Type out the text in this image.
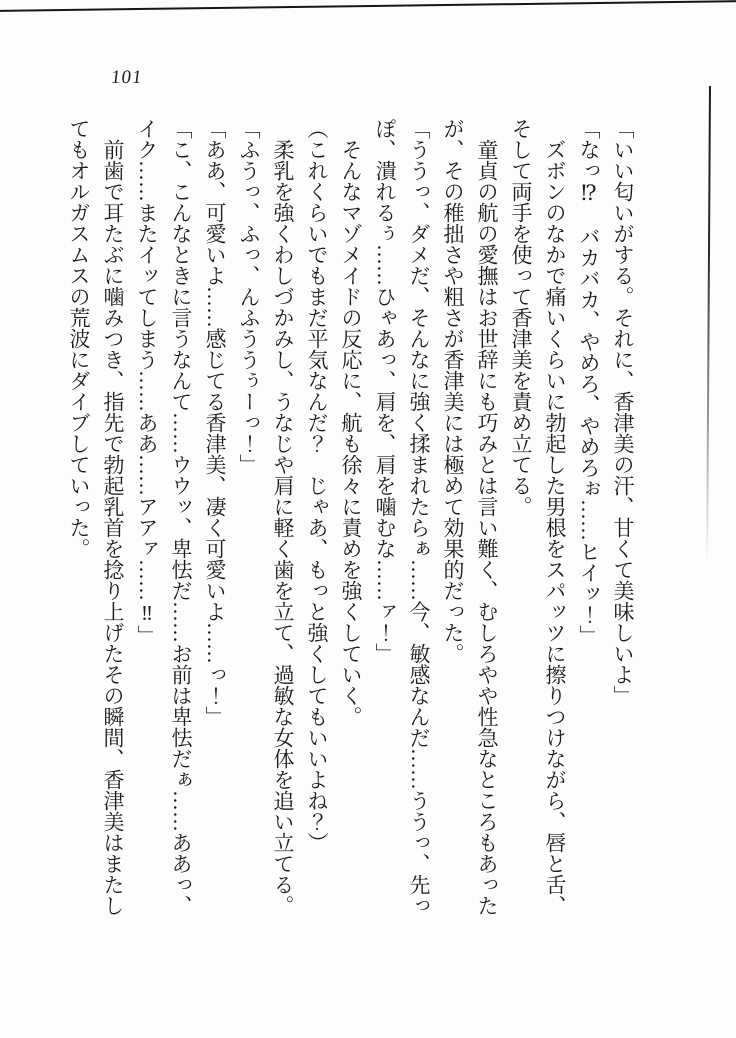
101

「いい匂いがする。それに、香津美の汗、甘くて美味しいよ」

「なっ⁉　バカバカ、やめろ、やめろぉ……ヒイッ！」

ズボンのなかで痛いくらいに勃起した男根をスパッツに擦りつけながら、唇と舌、そして両手を使って香津美を責め立てる。

童貞の航の愛撫はお世辞にも巧みとは言い難く、むしろやや性急なところもあったが、その稚拙さや粗さが香津美には極めて効果的だった。

「ううっ、ダメだ、そんなに強く揉まれたらぁ……今、敏感なんだ……ううっ、先っぽ、潰れるぅ……ひゃあっ、肩を、肩を噛むな……ァ！」

そんなマゾメイドの反応に、航も徐々に責めを強くしていく。

（これくらいでもまだ平気なんだ？　じゃあ、もっと強くしてもいいよね？）

柔乳を強くわしづかみし、うなじや肩に軽く歯を立て、過敏な女体を追い立てる。

「ふうっ、ふっ、んふううぅーっ！」

「ああ、可愛いよ……感じてる香津美、凄く可愛いよ……っ！」

「こ、こんなときに言うなんて……ウウッ、卑怯だ……お前は卑怯だぁ……ああっ、イク……またイッてしまう……ああ……アアァ……‼」

前歯で耳たぶに噛みつき、指先で勃起乳首を捻り上げたその瞬間、香津美はまたしてもオルガスムスの荒波にダイブしていった。
